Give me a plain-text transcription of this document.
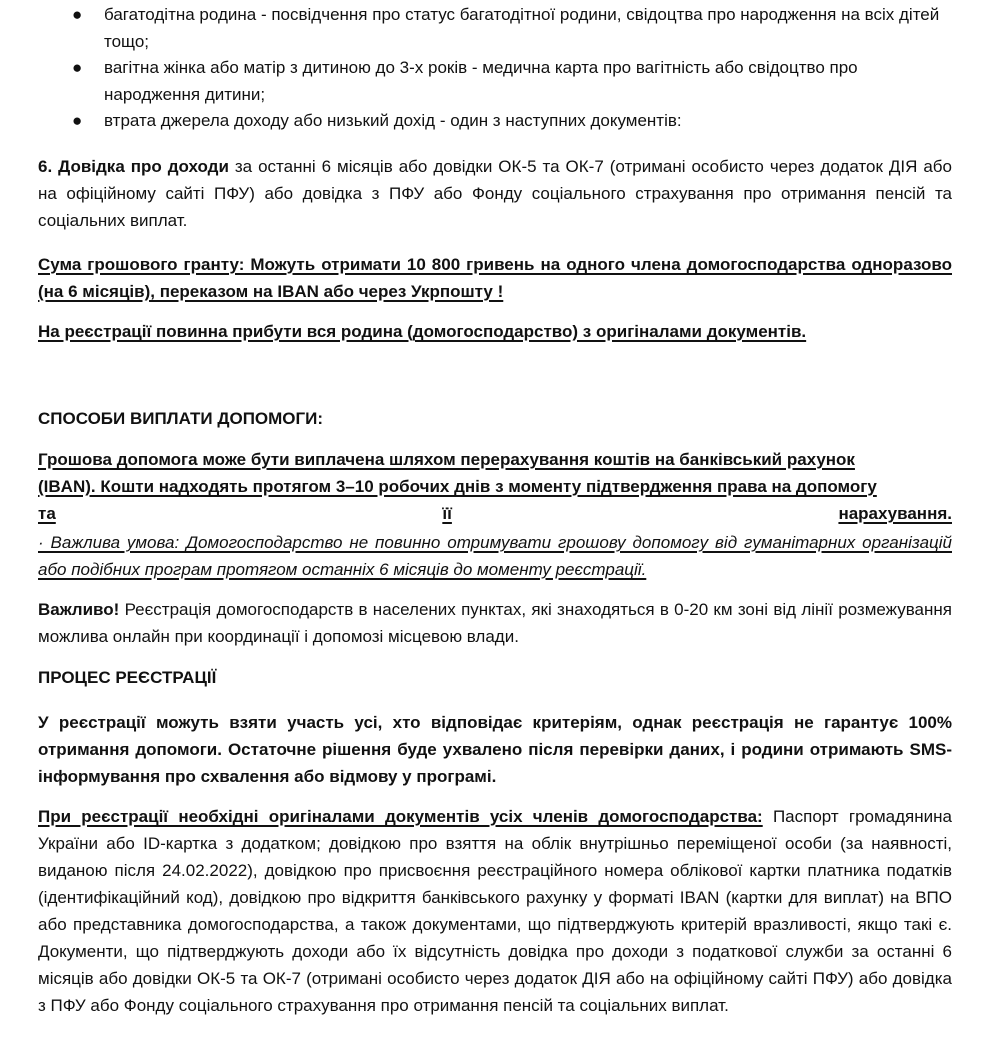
● багатодітна родина - посвідчення про статус багатодітної родини, свідоцтва про народження на всіх дітей тощо;
● вагітна жінка або матір з дитиною до 3-х років - медична карта про вагітність або свідоцтво про народження дитини;
● втрата джерела доходу або низький дохід - один з наступних документів:

6. Довідка про доходи за останні 6 місяців або довідки ОК-5 та ОК-7 (отримані особисто через додаток ДІЯ або на офіційному сайті ПФУ) або довідка з ПФУ або Фонду соціального страхування про отримання пенсій та соціальних виплат.

Сума грошового гранту: Можуть отримати 10 800 гривень на одного члена домогосподарства одноразово (на 6 місяців), переказом на IBAN або через Укрпошту !

На реєстрації повинна прибути вся родина (домогосподарство) з оригіналами документів.

СПОСОБИ ВИПЛАТИ ДОПОМОГИ:

Грошова допомога може бути виплачена шляхом перерахування коштів на банківський рахунок

(IBAN). Кошти надходять протягом 3–10 робочих днів з моменту підтвердження права на допомогу

та	її	нарахування.

· Важлива умова: Домогосподарство не повинно отримувати грошову допомогу від гуманітарних організацій або подібних програм протягом останніх 6 місяців до моменту реєстрації.

Важливо! Реєстрація домогосподарств в населених пунктах, які знаходяться в 0-20 км зоні від лінії розмежування можлива онлайн при координації і допомозі місцевою влади.

ПРОЦЕС РЕЄСТРАЦІЇ

У реєстрації можуть взяти участь усі, хто відповідає критеріям, однак реєстрація не гарантує 100% отримання допомоги. Остаточне рішення буде ухвалено після перевірки даних, і родини отримають SMS-інформування про схвалення або відмову у програмі.

При реєстрації необхідні оригіналами документів усіх членів домогосподарства: Паспорт громадянина України або ID-картка з додатком; довідкою про взяття на облік внутрішньо переміщеної особи (за наявності, виданою після 24.02.2022), довідкою про присвоєння реєстраційного номера облікової картки платника податків (ідентифікаційний код), довідкою про відкриття банківського рахунку у форматі IBAN (картки для виплат) на ВПО або представника домогосподарства, а також документами, що підтверджують критерій вразливості, якщо такі є. Документи, що підтверджують доходи або їх відсутність довідка про доходи з податкової служби за останні 6 місяців або довідки ОК-5 та ОК-7 (отримані особисто через додаток ДІЯ або на офіційному сайті ПФУ) або довідка з ПФУ або Фонду соціального страхування про отримання пенсій та соціальних виплат.
